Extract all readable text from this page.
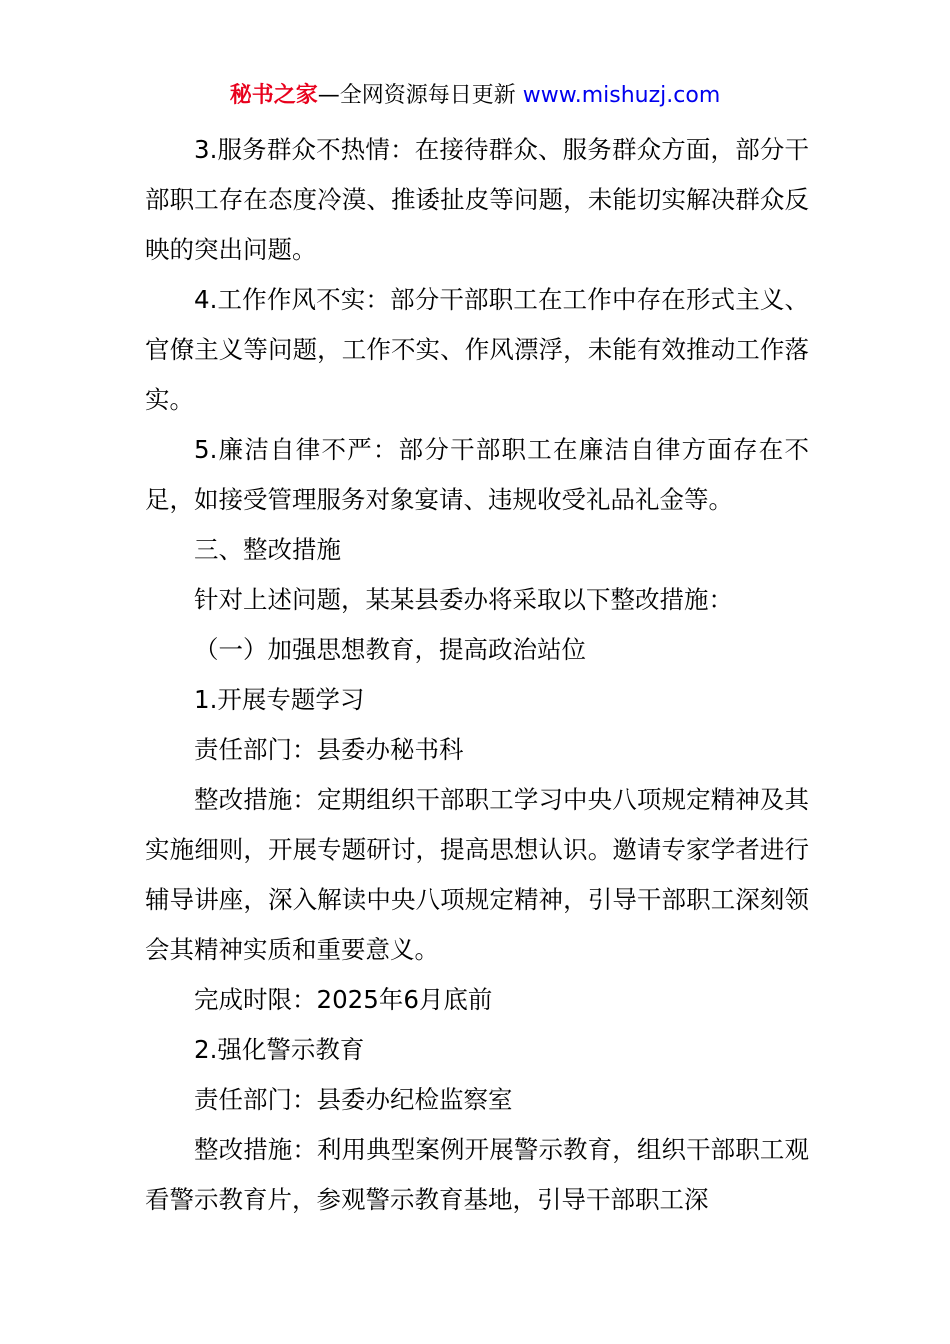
秘书之家—全网资源每日更新 www.mishuzj.com

3.服务群众不热情：在接待群众、服务群众方面，部分干部职工存在态度冷漠、推诿扯皮等问题，未能切实解决群众反映的突出问题。

4.工作作风不实：部分干部职工在工作中存在形式主义、官僚主义等问题，工作不实、作风漂浮，未能有效推动工作落实。

5.廉洁自律不严：部分干部职工在廉洁自律方面存在不足，如接受管理服务对象宴请、违规收受礼品礼金等。

三、整改措施

针对上述问题，某某县委办将采取以下整改措施：

（一）加强思想教育，提高政治站位

1.开展专题学习

责任部门：县委办秘书科

整改措施：定期组织干部职工学习中央八项规定精神及其实施细则，开展专题研讨，提高思想认识。邀请专家学者进行辅导讲座，深入解读中央八项规定精神，引导干部职工深刻领会其精神实质和重要意义。

完成时限：2025年6月底前

2.强化警示教育

责任部门：县委办纪检监察室

整改措施：利用典型案例开展警示教育，组织干部职工观看警示教育片，参观警示教育基地，引导干部职工深
